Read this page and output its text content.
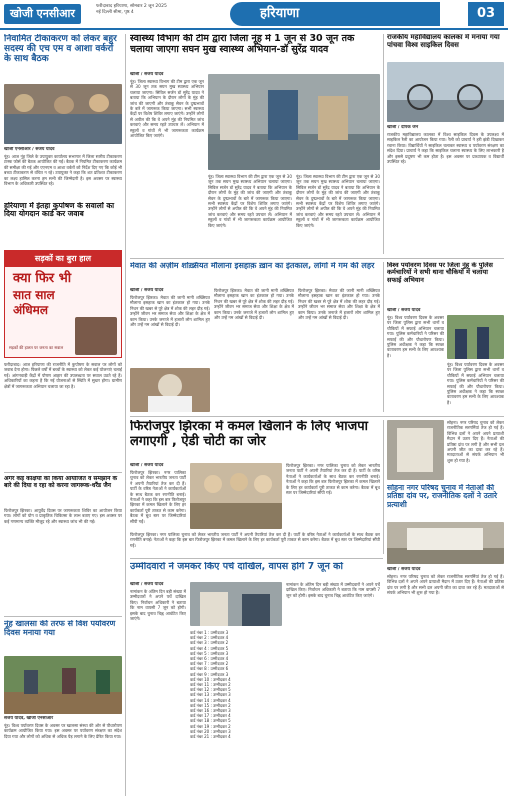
खोजी एनसीआर
फरीदाबाद हरियाणा, सोमवार 2 जून 2025
नई दिल्ली सीमा, पृष्ठ 4	हरियाणा	03
निवामित टीकाकरण को लेकर बहुर सदस्य की एच एम व आशा वर्करों के साथ बैठक
खोजी एनसीआर / संजय यादव
नूंह। आज नूंह जिले के उपायुक्त कार्यालय सभागार में जिला स्तरीय टीकाकरण टास्क फोर्स की बैठक आयोजित की गई। बैठक में नियमित टीकाकरण कार्यक्रम की समीक्षा की गई और एएनएम व आशा वर्करों को निर्देश दिए गए कि कोई भी बच्चा टीकाकरण से वंचित न रहे। उपायुक्त ने कहा कि शत प्रतिशत टीकाकरण का लक्ष्य हासिल करना हम सभी की जिम्मेदारी है। इस अवसर पर स्वास्थ्य विभाग के अधिकारी उपस्थित रहे।
हरियाणा में इंतहा कुपोषण के सवालों का दिया योगदान कार्ड कर जवाब
सड़कों का बुरा हाल
क्या फिर भी
सात साल
अंधिमल
सड़कों की हालत पर जनता का सवाल
फरीदाबाद। आज हरियाणा की राजनीति में कुपोषण के सवाल पर लोगों को जवाब देना होगा। पिछले वर्षों में बच्चों के स्वास्थ्य को लेकर कई योजनाएं चलाई गईं। आंगनवाड़ी केंद्रों में पोषण आहार की उपलब्धता पर सवाल उठते रहे हैं। अधिकारियों का कहना है कि नई योजनाओं से स्थिति में सुधार होगा। ग्रामीण क्षेत्रों में जागरूकता अभियान चलाया जा रहा है।
अगर कई कक्षियों का किया आयोजित व समझाने के बारे की दिया व रहा को करना जागरूक-धरैंड जैन
फिरोजपुर झिरका। आयुर्वेद दिवस पर जागरूकता शिविर का आयोजन किया गया। लोगों को योग व प्राकृतिक चिकित्सा के लाभ बताए गए। इस अवसर पर कई गणमान्य व्यक्ति मौजूद रहे और स्वास्थ्य जांच भी की गई।
नूंह खालसा की तरफ से विश पर्यावरण दिवस मनाया गया
संजय यादव, खोजी एनसीआर
नूंह। विश्व पर्यावरण दिवस के अवसर पर खालसा संस्था की ओर से पौधारोपण कार्यक्रम आयोजित किया गया। इस अवसर पर पर्यावरण संरक्षण का संदेश दिया गया और लोगों को अधिक से अधिक पेड़ लगाने के लिए प्रेरित किया गया।
स्वास्थ्य विभाग की टीम द्वारा जिला नूंह में 1 जून से 30 जून तक चलाया जाएगा सघन मुख स्वास्थ्य अभियान-डॉ सुरेंद्र यादव
खोजी / संजय यादव
नूंह। जिला स्वास्थ्य विभाग की टीम द्वारा एक जून से 30 जून तक सघन मुख स्वास्थ्य अभियान चलाया जाएगा। सिविल सर्जन डॉ सुरेंद्र यादव ने बताया कि अभियान के दौरान लोगों के मुंह की जांच की जाएगी और तंबाकू सेवन के दुष्प्रभावों के बारे में जागरूक किया जाएगा। सभी स्वास्थ्य केंद्रों पर विशेष शिविर लगाए जाएंगे। उन्होंने लोगों से अपील की कि वे अपने मुंह की नियमित जांच करवाएं और समय रहते उपचार लें। अभियान में स्कूलों व गांवों में भी जागरूकता कार्यक्रम आयोजित किए जाएंगे।
नूंह। जिला स्वास्थ्य विभाग की टीम द्वारा एक जून से 30 जून तक सघन मुख स्वास्थ्य अभियान चलाया जाएगा। सिविल सर्जन डॉ सुरेंद्र यादव ने बताया कि अभियान के दौरान लोगों के मुंह की जांच की जाएगी और तंबाकू सेवन के दुष्प्रभावों के बारे में जागरूक किया जाएगा। सभी स्वास्थ्य केंद्रों पर विशेष शिविर लगाए जाएंगे। उन्होंने लोगों से अपील की कि वे अपने मुंह की नियमित जांच करवाएं और समय रहते उपचार लें। अभियान में स्कूलों व गांवों में भी जागरूकता कार्यक्रम आयोजित किए जाएंगे।
नूंह। जिला स्वास्थ्य विभाग की टीम द्वारा एक जून से 30 जून तक सघन मुख स्वास्थ्य अभियान चलाया जाएगा। सिविल सर्जन डॉ सुरेंद्र यादव ने बताया कि अभियान के दौरान लोगों के मुंह की जांच की जाएगी और तंबाकू सेवन के दुष्प्रभावों के बारे में जागरूक किया जाएगा। सभी स्वास्थ्य केंद्रों पर विशेष शिविर लगाए जाएंगे। उन्होंने लोगों से अपील की कि वे अपने मुंह की नियमित जांच करवाएं और समय रहते उपचार लें। अभियान में स्कूलों व गांवों में भी जागरूकता कार्यक्रम आयोजित किए जाएंगे।
राजकीय महाविद्यालय कालका में मनाया गया पांचवा विश्व साइकिल दिवस
खोजी / दीपक जैन
राजकीय महाविद्यालय कालका में विश्व साइकिल दिवस के उपलक्ष्य में साइकिल रैली का आयोजन किया गया। रैली को प्राचार्य ने हरी झंडी दिखाकर रवाना किया। विद्यार्थियों ने साइकिल चलाकर स्वास्थ्य व पर्यावरण संरक्षण का संदेश दिया। प्राचार्य ने कहा कि साइकिल चलाना स्वास्थ्य के लिए लाभकारी है और इससे प्रदूषण भी कम होता है। इस अवसर पर प्राध्यापक व विद्यार्थी उपस्थित रहे।
मेवात की अज़ीम शख़्सियत मौलाना इसहाक़ ख़ान का इंतकाल, लोगों में गम की लहर
खोजी / संजय यादव
फिरोजपुर झिरका। मेवात की जानी मानी शख्सियत मौलाना इसहाक खान का इंतकाल हो गया। उनके निधन की खबर से पूरे क्षेत्र में शोक की लहर दौड़ गई। उन्होंने जीवन भर समाज सेवा और शिक्षा के क्षेत्र में काम किया। उनके जनाजे में हजारों लोग शामिल हुए और उन्हें नम आंखों से विदाई दी।
फिरोजपुर झिरका। मेवात की जानी मानी शख्सियत मौलाना इसहाक खान का इंतकाल हो गया। उनके निधन की खबर से पूरे क्षेत्र में शोक की लहर दौड़ गई। उन्होंने जीवन भर समाज सेवा और शिक्षा के क्षेत्र में काम किया। उनके जनाजे में हजारों लोग शामिल हुए और उन्हें नम आंखों से विदाई दी।
फिरोजपुर झिरका। मेवात की जानी मानी शख्सियत मौलाना इसहाक खान का इंतकाल हो गया। उनके निधन की खबर से पूरे क्षेत्र में शोक की लहर दौड़ गई। उन्होंने जीवन भर समाज सेवा और शिक्षा के क्षेत्र में काम किया। उनके जनाजे में हजारों लोग शामिल हुए और उन्हें नम आंखों से विदाई दी।
विश्व पर्यावरण दिवस पर जिला नूंह के पुलिस कर्मचारियों ने सभी थाना चौकियों में चलाया सफाई अभियान
खोजी / संजय यादव
नूंह। विश्व पर्यावरण दिवस के अवसर पर जिला पुलिस द्वारा सभी थानों व चौकियों में सफाई अभियान चलाया गया। पुलिस कर्मचारियों ने परिसर की सफाई की और पौधारोपण किया। पुलिस अधीक्षक ने कहा कि स्वच्छ वातावरण हम सभी के लिए आवश्यक है।
नूंह। विश्व पर्यावरण दिवस के अवसर पर जिला पुलिस द्वारा सभी थानों व चौकियों में सफाई अभियान चलाया गया। पुलिस कर्मचारियों ने परिसर की सफाई की और पौधारोपण किया। पुलिस अधीक्षक ने कहा कि स्वच्छ वातावरण हम सभी के लिए आवश्यक है।
फिरोजपुर झिरका में कमल खिलाने के लिए भाजपा लगाएगी , ऐडी चोटी का जोर
खोजी / संजय यादव
फिरोजपुर झिरका। नगर पालिका चुनाव को लेकर भारतीय जनता पार्टी ने अपनी तैयारियां तेज कर दी हैं। पार्टी के वरिष्ठ नेताओं ने कार्यकर्ताओं के साथ बैठक कर रणनीति बनाई। नेताओं ने कहा कि इस बार फिरोजपुर झिरका में कमल खिलाने के लिए हर कार्यकर्ता पूरी ताकत से काम करेगा। बैठक में बूथ स्तर पर जिम्मेदारियां सौंपी गईं।
फिरोजपुर झिरका। नगर पालिका चुनाव को लेकर भारतीय जनता पार्टी ने अपनी तैयारियां तेज कर दी हैं। पार्टी के वरिष्ठ नेताओं ने कार्यकर्ताओं के साथ बैठक कर रणनीति बनाई। नेताओं ने कहा कि इस बार फिरोजपुर झिरका में कमल खिलाने के लिए हर कार्यकर्ता पूरी ताकत से काम करेगा। बैठक में बूथ स्तर पर जिम्मेदारियां सौंपी गईं।
फिरोजपुर झिरका। नगर पालिका चुनाव को लेकर भारतीय जनता पार्टी ने अपनी तैयारियां तेज कर दी हैं। पार्टी के वरिष्ठ नेताओं ने कार्यकर्ताओं के साथ बैठक कर रणनीति बनाई। नेताओं ने कहा कि इस बार फिरोजपुर झिरका में कमल खिलाने के लिए हर कार्यकर्ता पूरी ताकत से काम करेगा। बैठक में बूथ स्तर पर जिम्मेदारियां सौंपी गईं।
सोहना। नगर परिषद चुनाव को लेकर राजनीतिक सरगर्मियां तेज हो गई हैं। विभिन्न दलों ने अपने अपने प्रत्याशी मैदान में उतार दिए हैं। नेताओं की प्रतिष्ठा दांव पर लगी है और सभी दल अपनी जीत का दावा कर रहे हैं। मतदाताओं से संपर्क अभियान भी शुरू हो गया है।
सोहना नगर परिषद चुनाव में नेताओं की प्रतिष्ठा दांव पर, राजनीतिक दलों ने उतारे प्रत्याशी
खोजी / संजय यादव
सोहना। नगर परिषद चुनाव को लेकर राजनीतिक सरगर्मियां तेज हो गई हैं। विभिन्न दलों ने अपने अपने प्रत्याशी मैदान में उतार दिए हैं। नेताओं की प्रतिष्ठा दांव पर लगी है और सभी दल अपनी जीत का दावा कर रहे हैं। मतदाताओं से संपर्क अभियान भी शुरू हो गया है।
उम्मीदवारों ने जमकर किए पर्चे दाखिल, वापस होंगे 7 जून को
खोजी / संजय यादव
नामांकन के अंतिम दिन बड़ी संख्या में उम्मीदवारों ने अपने पर्चे दाखिल किए। निर्वाचन अधिकारी ने बताया कि नाम वापसी 7 जून को होगी। इसके बाद चुनाव चिह्न आवंटित किए जाएंगे।
वार्ड नंबर 1 : उम्मीदवार 3
वार्ड नंबर 2 : उम्मीदवार 4
वार्ड नंबर 3 : उम्मीदवार 2
वार्ड नंबर 4 : उम्मीदवार 5
वार्ड नंबर 5 : उम्मीदवार 3
वार्ड नंबर 6 : उम्मीदवार 4
वार्ड नंबर 7 : उम्मीदवार 2
वार्ड नंबर 8 : उम्मीदवार 6
वार्ड नंबर 9 : उम्मीदवार 3
वार्ड नंबर 10 : उम्मीदवार 4
वार्ड नंबर 11 : उम्मीदवार 2
वार्ड नंबर 12 : उम्मीदवार 5
वार्ड नंबर 13 : उम्मीदवार 3
वार्ड नंबर 14 : उम्मीदवार 4
वार्ड नंबर 15 : उम्मीदवार 2
वार्ड नंबर 16 : उम्मीदवार 3
वार्ड नंबर 17 : उम्मीदवार 4
वार्ड नंबर 18 : उम्मीदवार 5
वार्ड नंबर 19 : उम्मीदवार 2
वार्ड नंबर 20 : उम्मीदवार 3
वार्ड नंबर 21 : उम्मीदवार 4
नामांकन के अंतिम दिन बड़ी संख्या में उम्मीदवारों ने अपने पर्चे दाखिल किए। निर्वाचन अधिकारी ने बताया कि नाम वापसी 7 जून को होगी। इसके बाद चुनाव चिह्न आवंटित किए जाएंगे।
